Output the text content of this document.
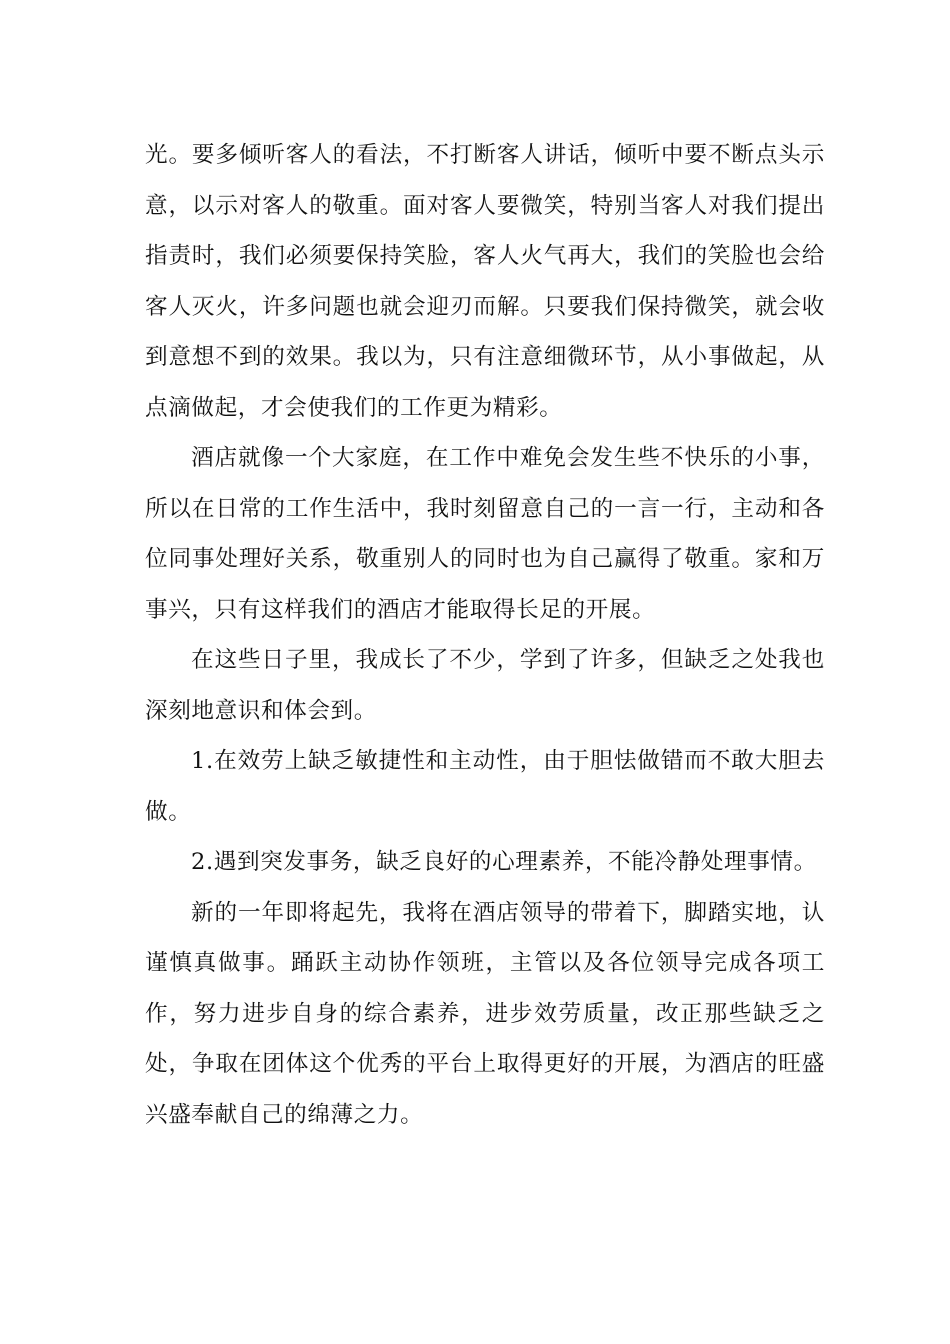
光。要多倾听客人的看法，不打断客人讲话，倾听中要不断点头示意，以示对客人的敬重。面对客人要微笑，特别当客人对我们提出指责时，我们必须要保持笑脸，客人火气再大，我们的笑脸也会给客人灭火，许多问题也就会迎刃而解。只要我们保持微笑，就会收到意想不到的效果。我以为，只有注意细微环节，从小事做起，从点滴做起，才会使我们的工作更为精彩。

酒店就像一个大家庭，在工作中难免会发生些不快乐的小事，所以在日常的工作生活中，我时刻留意自己的一言一行，主动和各位同事处理好关系，敬重别人的同时也为自己赢得了敬重。家和万事兴，只有这样我们的酒店才能取得长足的开展。

在这些日子里，我成长了不少，学到了许多，但缺乏之处我也深刻地意识和体会到。

1.在效劳上缺乏敏捷性和主动性，由于胆怯做错而不敢大胆去做。

2.遇到突发事务，缺乏良好的心理素养，不能冷静处理事情。

新的一年即将起先，我将在酒店领导的带着下，脚踏实地，认谨慎真做事。踊跃主动协作领班，主管以及各位领导完成各项工作，努力进步自身的综合素养，进步效劳质量，改正那些缺乏之处，争取在团体这个优秀的平台上取得更好的开展，为酒店的旺盛兴盛奉献自己的绵薄之力。
